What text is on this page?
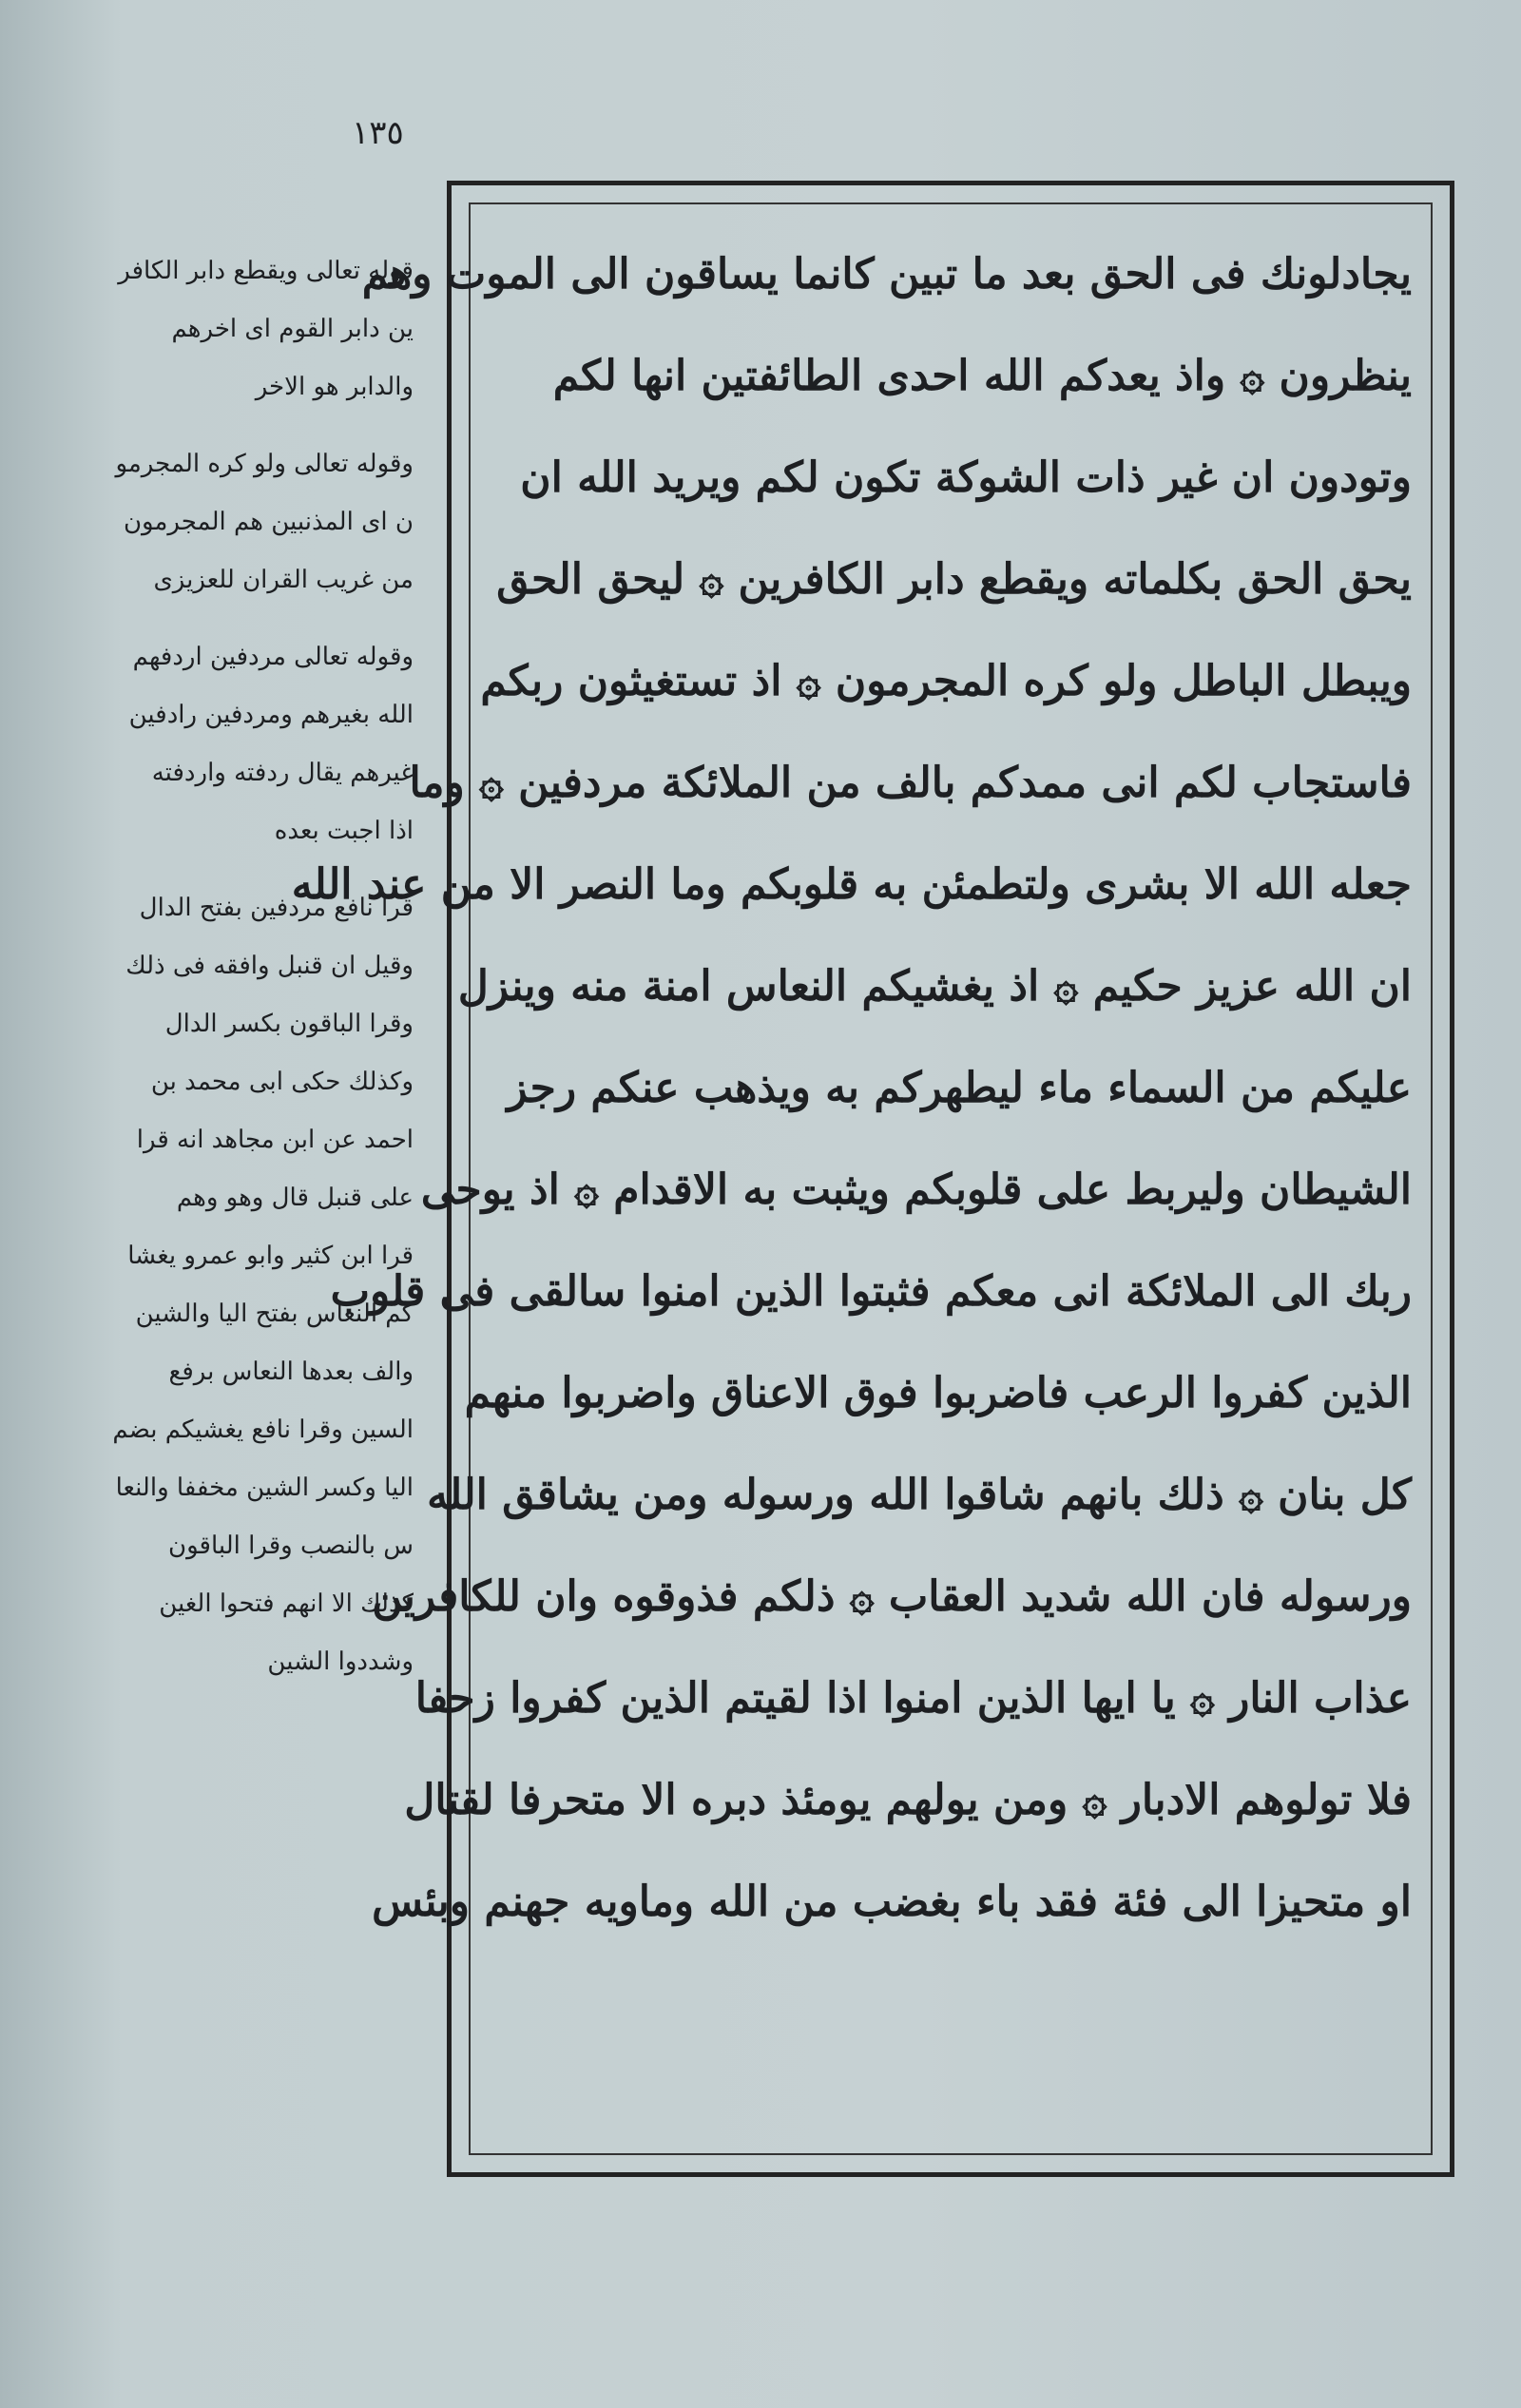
١٣٥
قوله تعالى ويقطع دابر الكافر
ين دابر القوم اى اخرهم
والدابر هو الاخر
وقوله تعالى ولو كره المجرمو
ن اى المذنبين هم المجرمون
من غريب القران للعزيزى
وقوله تعالى مردفين اردفهم
الله بغيرهم ومردفين رادفين
غيرهم يقال ردفته واردفته
اذا اجبت بعده
قرا نافع مردفين بفتح الدال
وقيل ان قنبل وافقه فى ذلك
وقرا الباقون بكسر الدال
وكذلك حكى ابى محمد بن
احمد عن ابن مجاهد انه قرا
على قنبل قال وهو وهم
قرا ابن كثير وابو عمرو يغشا
كم النعاس بفتح اليا والشين
والف بعدها النعاس برفع
السين وقرا نافع يغشيكم بضم
اليا وكسر الشين مخففا والنعا
س بالنصب وقرا الباقون
كذلك الا انهم فتحوا الغين
وشددوا الشين
يجادلونك فى الحق بعد ما تبين كانما يساقون الى الموت وهم
ينظرون ۞ واذ يعدكم الله احدى الطائفتين انها لكم
وتودون ان غير ذات الشوكة تكون لكم ويريد الله ان
يحق الحق بكلماته ويقطع دابر الكافرين ۞ ليحق الحق
ويبطل الباطل ولو كره المجرمون ۞ اذ تستغيثون ربكم
فاستجاب لكم انى ممدكم بالف من الملائكة مردفين ۞ وما
جعله الله الا بشرى ولتطمئن به قلوبكم وما النصر الا من عند الله
ان الله عزيز حكيم ۞ اذ يغشيكم النعاس امنة منه وينزل
عليكم من السماء ماء ليطهركم به ويذهب عنكم رجز
الشيطان وليربط على قلوبكم ويثبت به الاقدام ۞ اذ يوحى
ربك الى الملائكة انى معكم فثبتوا الذين امنوا سالقى فى قلوب
الذين كفروا الرعب فاضربوا فوق الاعناق واضربوا منهم
كل بنان ۞ ذلك بانهم شاقوا الله ورسوله ومن يشاقق الله
ورسوله فان الله شديد العقاب ۞ ذلكم فذوقوه وان للكافرين
عذاب النار ۞ يا ايها الذين امنوا اذا لقيتم الذين كفروا زحفا
فلا تولوهم الادبار ۞ ومن يولهم يومئذ دبره الا متحرفا لقتال
او متحيزا الى فئة فقد باء بغضب من الله وماويه جهنم وبئس
